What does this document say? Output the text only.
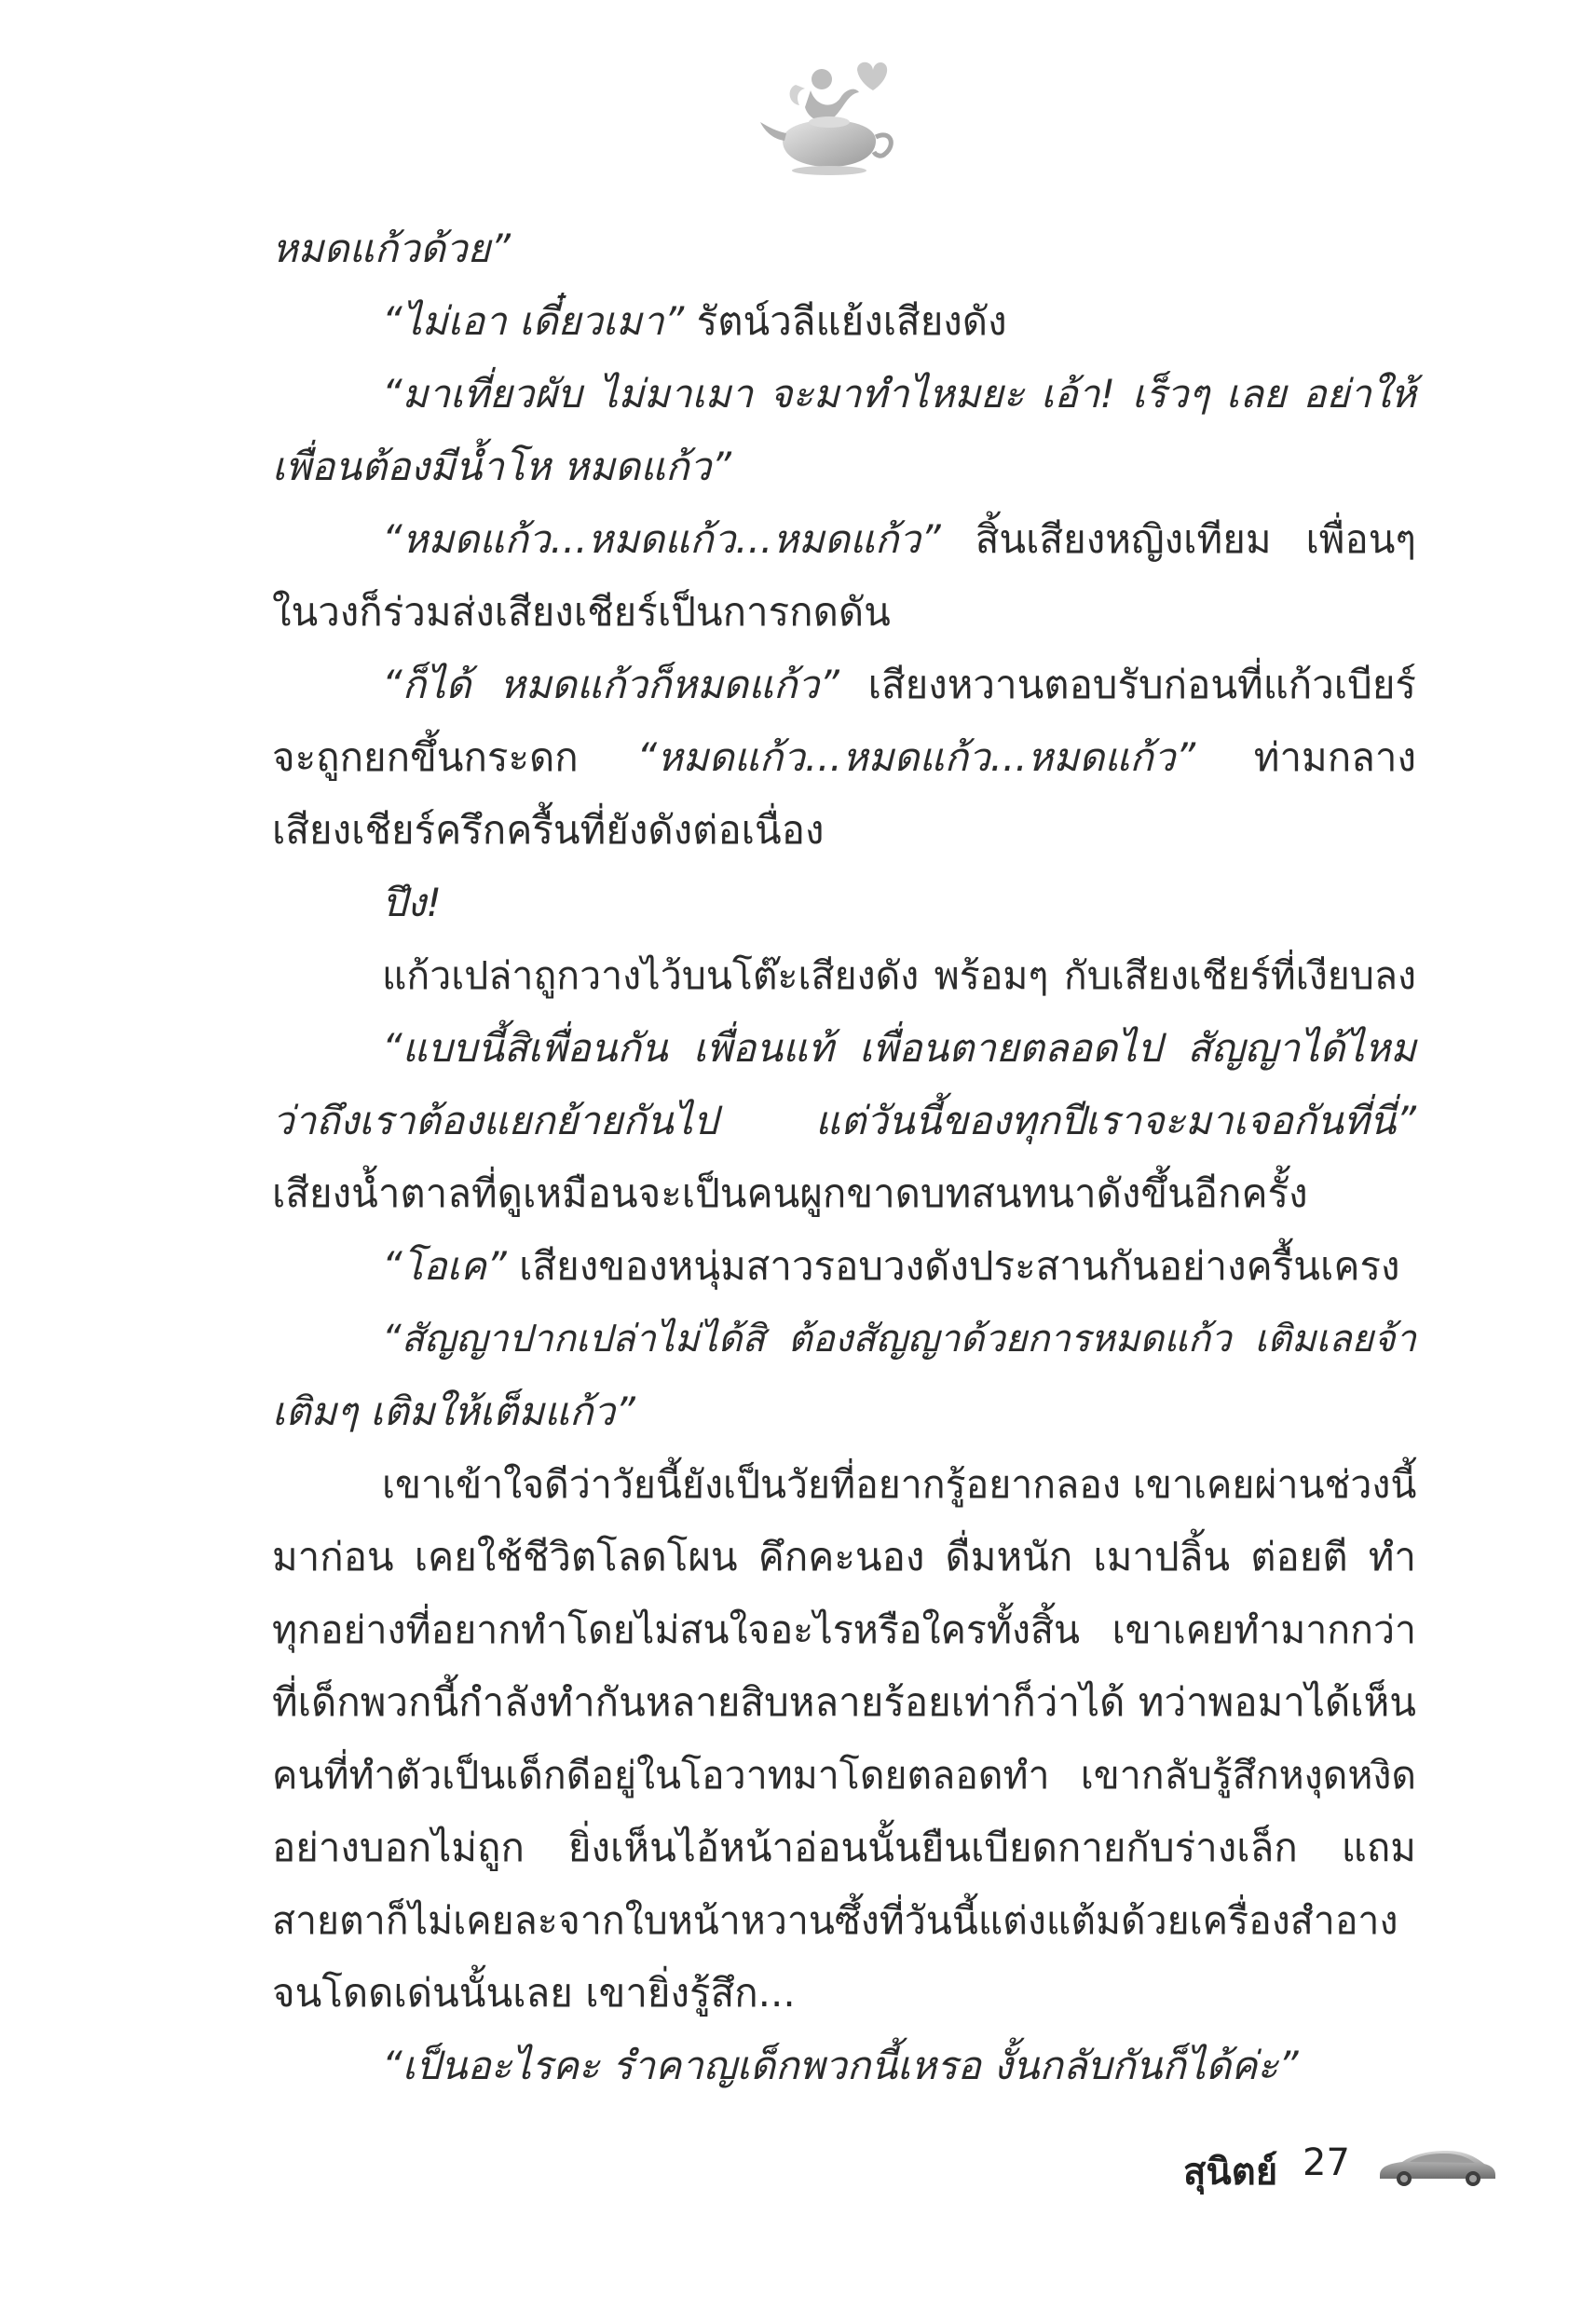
หมดแก้วด้วย”
“ไม่เอา เดี๋ยวเมา” รัตน์วลีแย้งเสียงดัง
“มาเที่ยวผับ ไม่มาเมา จะมาทำไหมยะ เอ้า! เร็วๆ เลย อย่าให้
เพื่อนต้องมีน้ำโห หมดแก้ว”
“หมดแก้ว...หมดแก้ว...หมดแก้ว” สิ้นเสียงหญิงเทียม เพื่อนๆ
ในวงก็ร่วมส่งเสียงเชียร์เป็นการกดดัน
“ก็ได้ หมดแก้วก็หมดแก้ว” เสียงหวานตอบรับก่อนที่แก้วเบียร์
จะถูกยกขึ้นกระดก “หมดแก้ว...หมดแก้ว...หมดแก้ว” ท่ามกลาง
เสียงเชียร์ครึกครื้นที่ยังดังต่อเนื่อง
ปึง!
แก้วเปล่าถูกวางไว้บนโต๊ะเสียงดัง พร้อมๆ กับเสียงเชียร์ที่เงียบลง
“แบบนี้สิเพื่อนกัน เพื่อนแท้ เพื่อนตายตลอดไป สัญญาได้ไหม
ว่าถึงเราต้องแยกย้ายกันไป แต่วันนี้ของทุกปีเราจะมาเจอกันที่นี่”
เสียงน้ำตาลที่ดูเหมือนจะเป็นคนผูกขาดบทสนทนาดังขึ้นอีกครั้ง
“โอเค” เสียงของหนุ่มสาวรอบวงดังประสานกันอย่างครื้นเครง
“สัญญาปากเปล่าไม่ได้สิ ต้องสัญญาด้วยการหมดแก้ว เติมเลยจ้า
เติมๆ เติมให้เต็มแก้ว”
เขาเข้าใจดีว่าวัยนี้ยังเป็นวัยที่อยากรู้อยากลอง เขาเคยผ่านช่วงนี้
มาก่อน เคยใช้ชีวิตโลดโผน คึกคะนอง ดื่มหนัก เมาปลิ้น ต่อยตี ทำ
ทุกอย่างที่อยากทำโดยไม่สนใจอะไรหรือใครทั้งสิ้น เขาเคยทำมากกว่า
ที่เด็กพวกนี้กำลังทำกันหลายสิบหลายร้อยเท่าก็ว่าได้ ทว่าพอมาได้เห็น
คนที่ทำตัวเป็นเด็กดีอยู่ในโอวาทมาโดยตลอดทำ เขากลับรู้สึกหงุดหงิด
อย่างบอกไม่ถูก ยิ่งเห็นไอ้หน้าอ่อนนั้นยืนเบียดกายกับร่างเล็ก แถม
สายตาก็ไม่เคยละจากใบหน้าหวานซึ้งที่วันนี้แต่งแต้มด้วยเครื่องสำอาง
จนโดดเด่นนั้นเลย เขายิ่งรู้สึก...
“เป็นอะไรคะ รำคาญเด็กพวกนี้เหรอ งั้นกลับกันก็ได้ค่ะ”
สุนิตย์ 27
